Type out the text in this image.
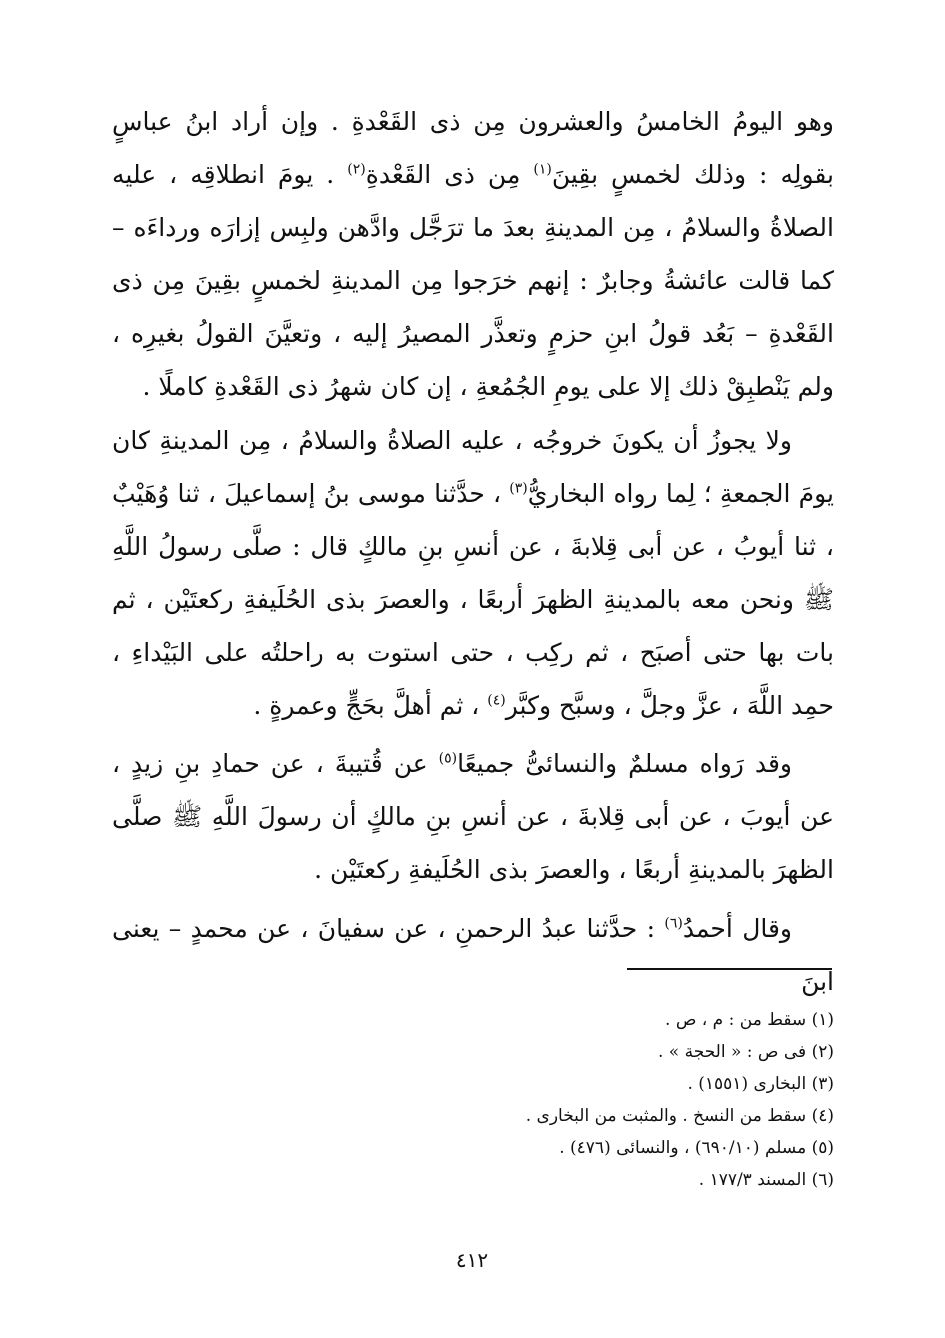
وهو اليومُ الخامسُ والعشرون مِن ذى القَعْدةِ . وإن أراد ابنُ عباسٍ بقولِه : وذلك لخمسٍ بقِينَ$^{(١)}$ مِن ذى القَعْدةِ$^{(٢)}$ . يومَ انطلاقِه ، عليه الصلاةُ والسلامُ ، مِن المدينةِ بعدَ ما ترَجَّل وادَّهن ولبِس إزارَه ورداءَه – كما قالت عائشةُ وجابرٌ : إنهم خرَجوا مِن المدينةِ لخمسٍ بقِينَ مِن ذى القَعْدةِ – بَعُد قولُ ابنِ حزمٍ وتعذَّر المصيرُ إليه ، وتعيَّنَ القولُ بغيرِه ، ولم يَنْطبِقْ ذلك إلا على يومِ الجُمُعةِ ، إن كان شهرُ ذى القَعْدةِ كاملًا .

ولا يجوزُ أن يكونَ خروجُه ، عليه الصلاةُ والسلامُ ، مِن المدينةِ كان يومَ الجمعةِ ؛ لِما رواه البخاريُّ$^{(٣)}$ ، حدَّثنا موسى بنُ إسماعيلَ ، ثنا وُهَيْبٌ ، ثنا أيوبُ ، عن أبى قِلابةَ ، عن أنسِ بنِ مالكٍ قال : صلَّى رسولُ اللَّهِ ﷺ ونحن معه بالمدينةِ الظهرَ أربعًا ، والعصرَ بذى الحُلَيفةِ ركعتَيْن ، ثم بات بها حتى أصبَح ، ثم ركِب ، حتى استوت به راحلتُه على البَيْداءِ ، حمِد اللَّهَ ، عزَّ وجلَّ ، وسبَّح وكبَّر$^{(٤)}$ ، ثم أهلَّ بحَجٍّ وعمرةٍ .

وقد رَواه مسلمٌ والنسائىُّ جميعًا$^{(٥)}$ عن قُتيبةَ ، عن حمادِ بنِ زيدٍ ، عن أيوبَ ، عن أبى قِلابةَ ، عن أنسِ بنِ مالكٍ أن رسولَ اللَّهِ ﷺ صلَّى الظهرَ بالمدينةِ أربعًا ، والعصرَ بذى الحُلَيفةِ ركعتَيْن .

وقال أحمدُ$^{(٦)}$ : حدَّثنا عبدُ الرحمنِ ، عن سفيانَ ، عن محمدٍ – يعنى ابنَ

(١) سقط من : م ، ص .
(٢) فى ص : « الحجة » .
(٣) البخارى (١٥٥١) .
(٤) سقط من النسخ . والمثبت من البخارى .
(٥) مسلم (٦٩٠/١٠) ، والنسائى (٤٧٦) .
(٦) المسند ١٧٧/٣ .
٤١٢
